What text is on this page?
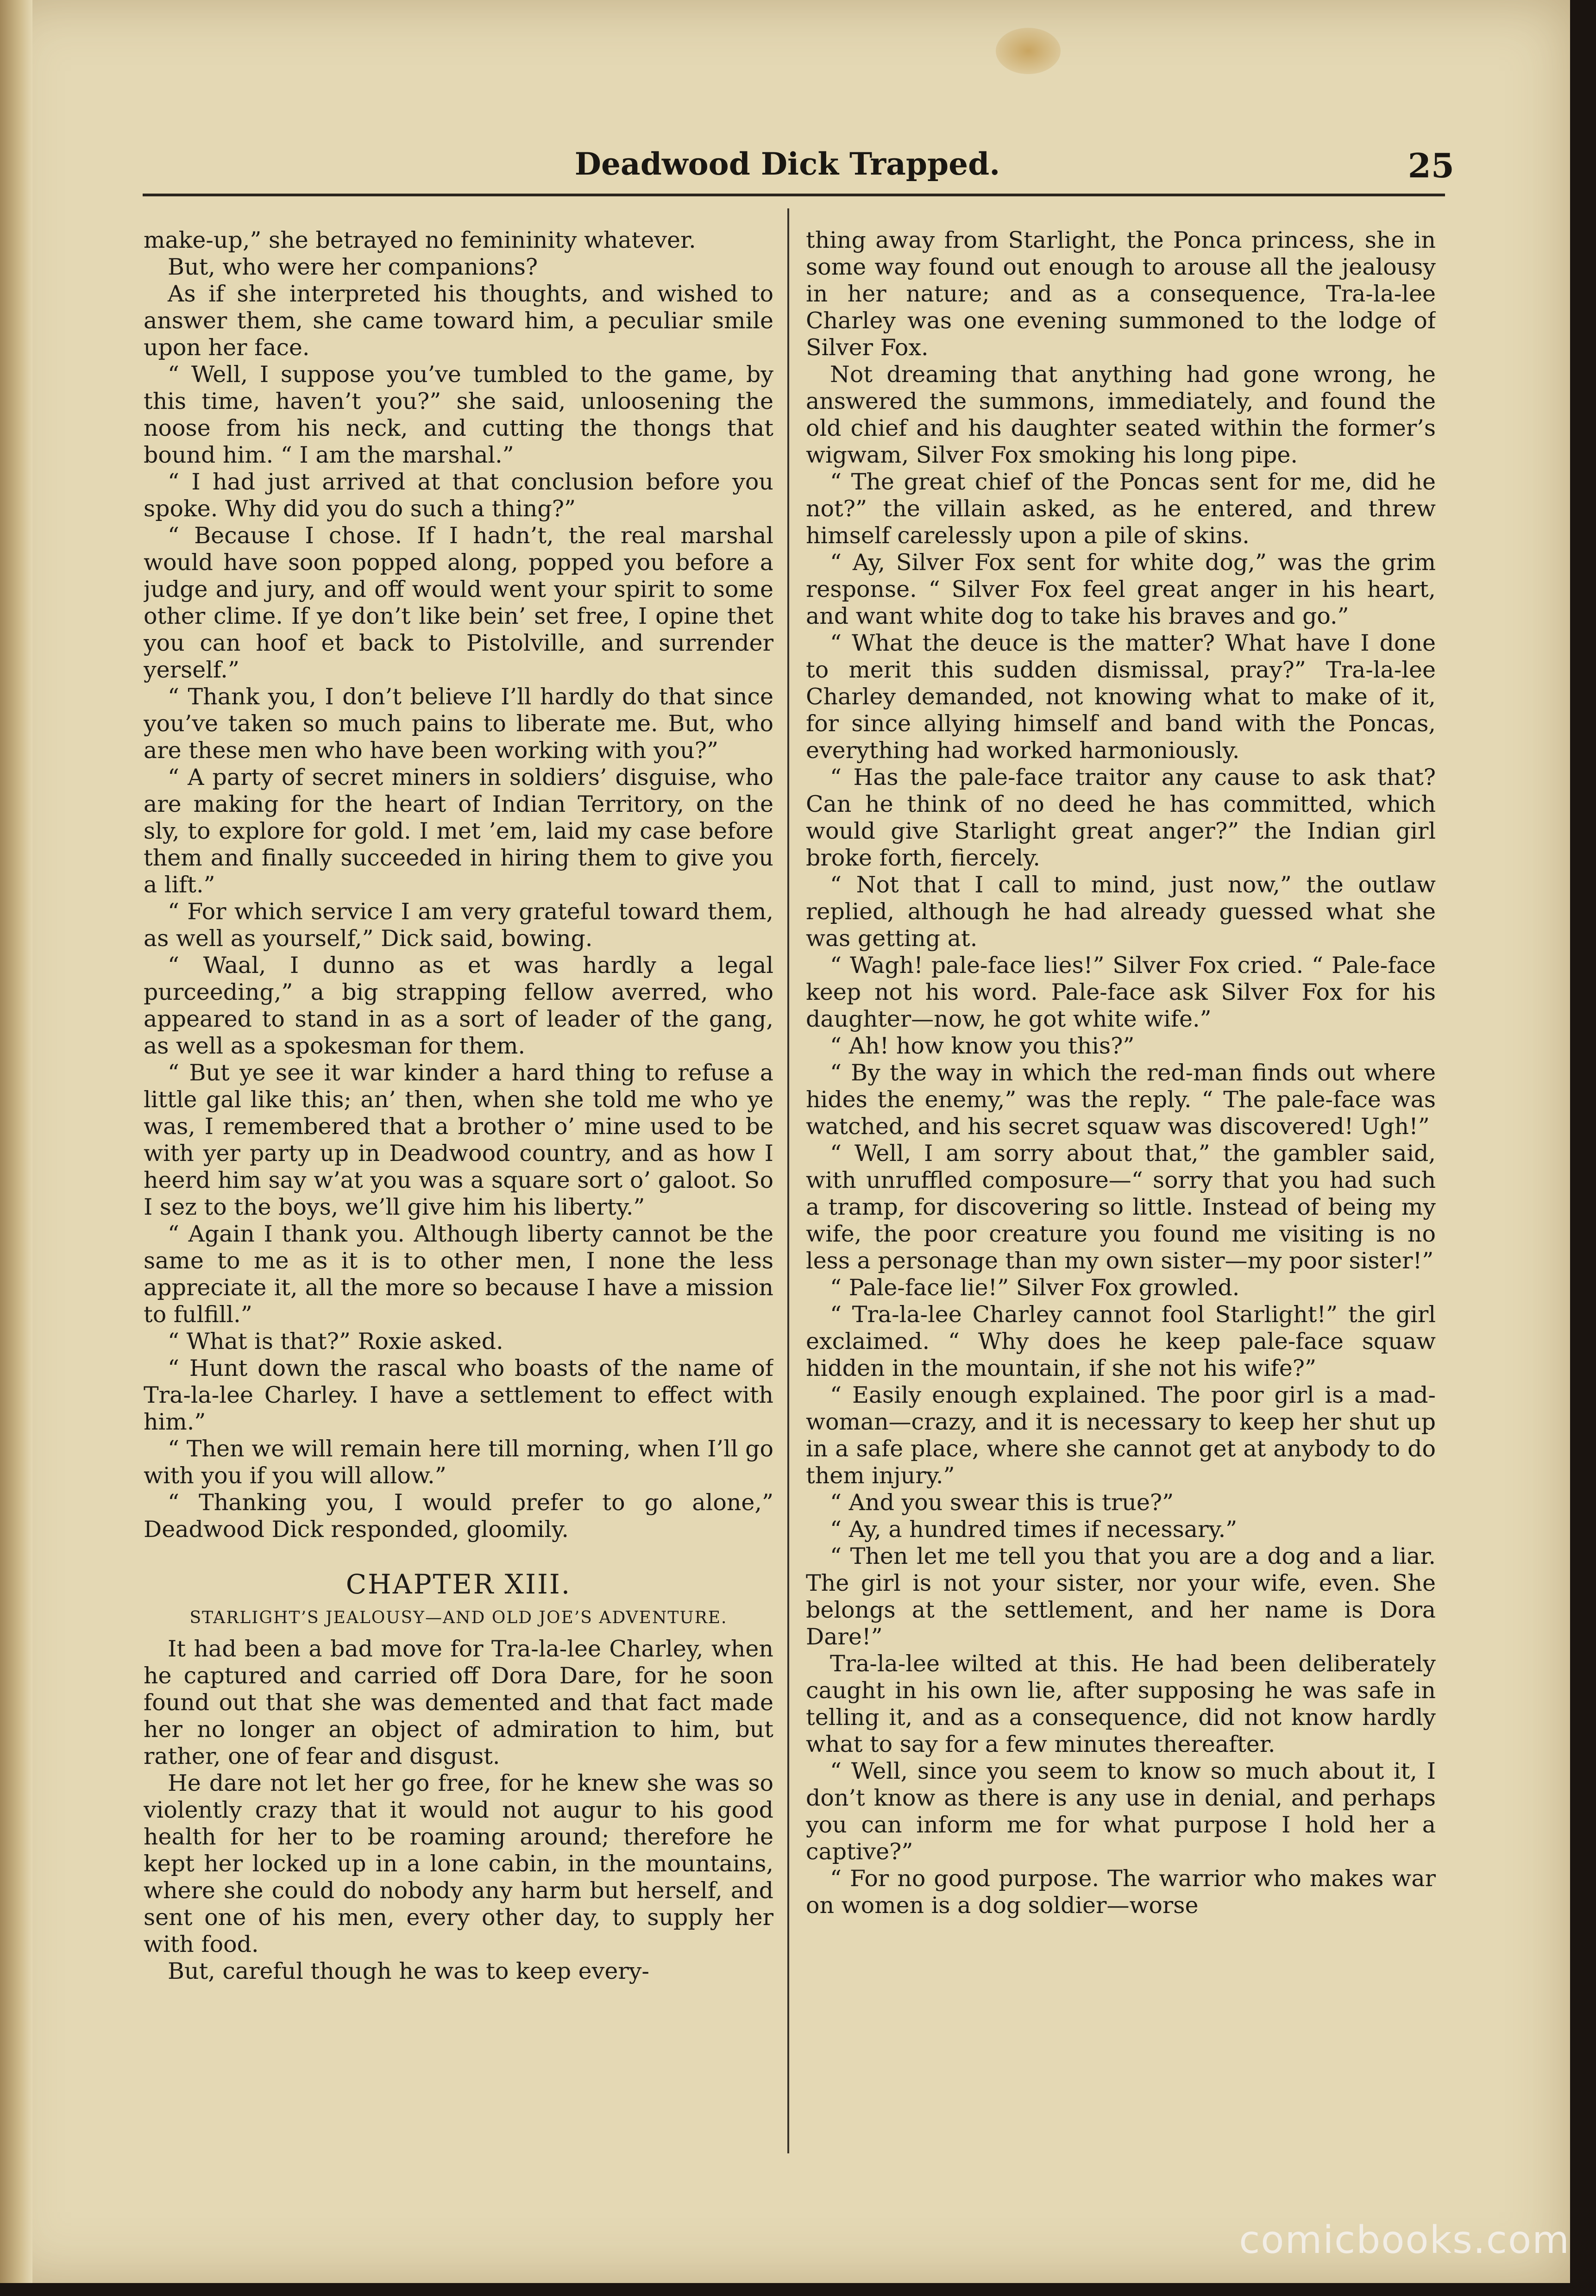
Deadwood Dick Trapped.	25

make-up,” she betrayed no femininity whatever.

But, who were her companions?

As if she interpreted his thoughts, and wished to answer them, she came toward him, a peculiar smile upon her face.

“ Well, I suppose you’ve tumbled to the game, by this time, haven’t you?” she said, unloosening the noose from his neck, and cutting the thongs that bound him. “ I am the marshal.”

“ I had just arrived at that conclusion before you spoke. Why did you do such a thing?”

“ Because I chose. If I hadn’t, the real marshal would have soon popped along, popped you before a judge and jury, and off would went your spirit to some other clime. If ye don’t like bein’ set free, I opine thet you can hoof et back to Pistolville, and surrender yerself.”

“ Thank you, I don’t believe I’ll hardly do that since you’ve taken so much pains to liberate me. But, who are these men who have been working with you?”

“ A party of secret miners in soldiers’ disguise, who are making for the heart of Indian Territory, on the sly, to explore for gold. I met ’em, laid my case before them and finally succeeded in hiring them to give you a lift.”

“ For which service I am very grateful toward them, as well as yourself,” Dick said, bowing.

“ Waal, I dunno as et was hardly a legal purceeding,” a big strapping fellow averred, who appeared to stand in as a sort of leader of the gang, as well as a spokesman for them.

“ But ye see it war kinder a hard thing to refuse a little gal like this; an’ then, when she told me who ye was, I remembered that a brother o’ mine used to be with yer party up in Deadwood country, and as how I heerd him say w’at you was a square sort o’ galoot. So I sez to the boys, we’ll give him his liberty.”

“ Again I thank you. Although liberty cannot be the same to me as it is to other men, I none the less appreciate it, all the more so because I have a mission to fulfill.”

“ What is that?” Roxie asked.

“ Hunt down the rascal who boasts of the name of Tra-la-lee Charley. I have a settlement to effect with him.”

“ Then we will remain here till morning, when I’ll go with you if you will allow.”

“ Thanking you, I would prefer to go alone,” Deadwood Dick responded, gloomily.

CHAPTER XIII.
STARLIGHT’S JEALOUSY—AND OLD JOE’S ADVENTURE.

It had been a bad move for Tra-la-lee Charley, when he captured and carried off Dora Dare, for he soon found out that she was demented and that fact made her no longer an object of admiration to him, but rather, one of fear and disgust.

He dare not let her go free, for he knew she was so violently crazy that it would not augur to his good health for her to be roaming around; therefore he kept her locked up in a lone cabin, in the mountains, where she could do nobody any harm but herself, and sent one of his men, every other day, to supply her with food.

But, careful though he was to keep every-

thing away from Starlight, the Ponca princess, she in some way found out enough to arouse all the jealousy in her nature; and as a consequence, Tra-la-lee Charley was one evening summoned to the lodge of Silver Fox.

Not dreaming that anything had gone wrong, he answered the summons, immediately, and found the old chief and his daughter seated within the former’s wigwam, Silver Fox smoking his long pipe.

“ The great chief of the Poncas sent for me, did he not?” the villain asked, as he entered, and threw himself carelessly upon a pile of skins.

“ Ay, Silver Fox sent for white dog,” was the grim response. “ Silver Fox feel great anger in his heart, and want white dog to take his braves and go.”

“ What the deuce is the matter? What have I done to merit this sudden dismissal, pray?” Tra-la-lee Charley demanded, not knowing what to make of it, for since allying himself and band with the Poncas, everything had worked harmoniously.

“ Has the pale-face traitor any cause to ask that? Can he think of no deed he has committed, which would give Starlight great anger?” the Indian girl broke forth, fiercely.

“ Not that I call to mind, just now,” the outlaw replied, although he had already guessed what she was getting at.

“ Wagh! pale-face lies!” Silver Fox cried. “ Pale-face keep not his word. Pale-face ask Silver Fox for his daughter—now, he got white wife.”

“ Ah! how know you this?”

“ By the way in which the red-man finds out where hides the enemy,” was the reply. “ The pale-face was watched, and his secret squaw was discovered! Ugh!”

“ Well, I am sorry about that,” the gambler said, with unruffled composure—“ sorry that you had such a tramp, for discovering so little. Instead of being my wife, the poor creature you found me visiting is no less a personage than my own sister—my poor sister!”

“ Pale-face lie!” Silver Fox growled.

“ Tra-la-lee Charley cannot fool Starlight!” the girl exclaimed. “ Why does he keep pale-face squaw hidden in the mountain, if she not his wife?”

“ Easily enough explained. The poor girl is a mad-woman—crazy, and it is necessary to keep her shut up in a safe place, where she cannot get at anybody to do them injury.”

“ And you swear this is true?”

“ Ay, a hundred times if necessary.”

“ Then let me tell you that you are a dog and a liar. The girl is not your sister, nor your wife, even. She belongs at the settlement, and her name is Dora Dare!”

Tra-la-lee wilted at this. He had been deliberately caught in his own lie, after supposing he was safe in telling it, and as a consequence, did not know hardly what to say for a few minutes thereafter.

“ Well, since you seem to know so much about it, I don’t know as there is any use in denial, and perhaps you can inform me for what purpose I hold her a captive?”

“ For no good purpose. The warrior who makes war on women is a dog soldier—worse

comicbooks.com
